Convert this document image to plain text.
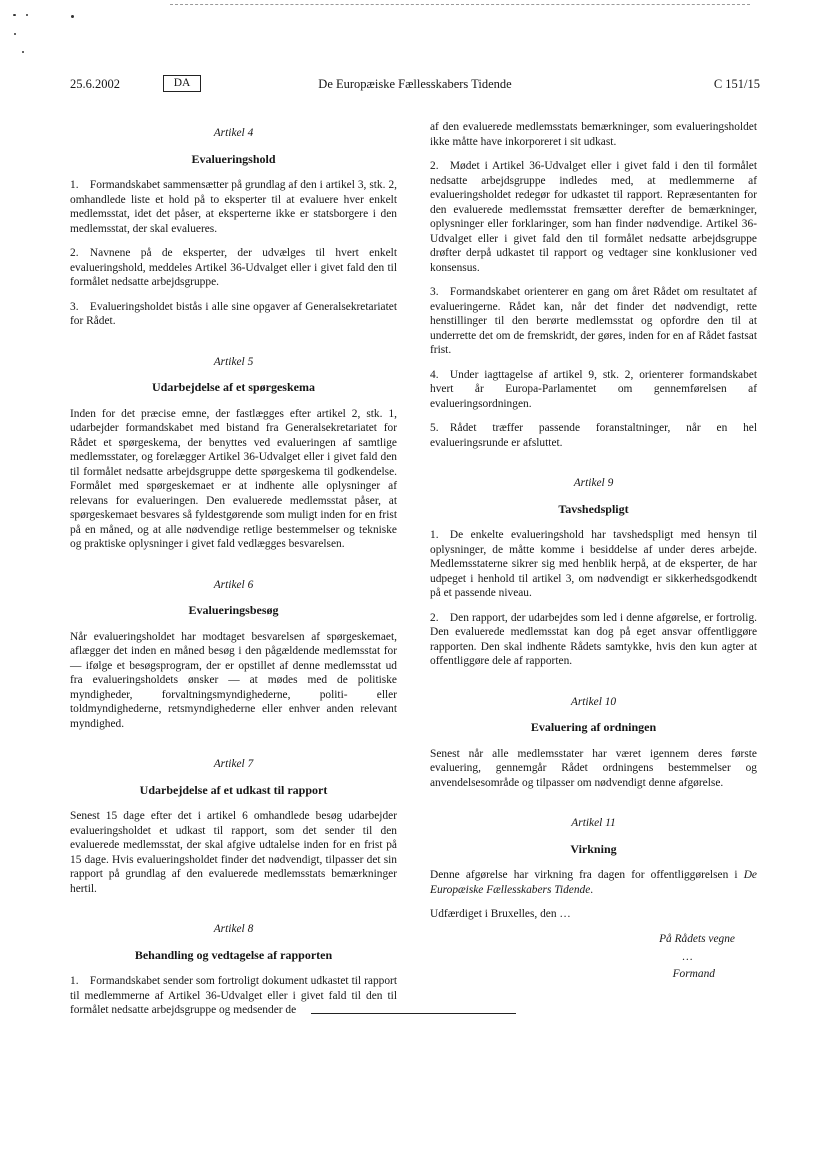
25.6.2002	DA	De Europæiske Fællesskabers Tidende	C 151/15
Artikel 4
Evalueringshold

1. Formandskabet sammensætter på grundlag af den i artikel 3, stk. 2, omhandlede liste et hold på to eksperter til at evaluere hver enkelt medlemsstat, idet det påser, at eksperterne ikke er statsborgere i den medlemsstat, der skal evalueres.

2. Navnene på de eksperter, der udvælges til hvert enkelt evalueringshold, meddeles Artikel 36-Udvalget eller i givet fald den til formålet nedsatte arbejdsgruppe.

3. Evalueringsholdet bistås i alle sine opgaver af Generalsekretariatet for Rådet.

Artikel 5
Udarbejdelse af et spørgeskema

Inden for det præcise emne, der fastlægges efter artikel 2, stk. 1, udarbejder formandskabet med bistand fra Generalsekretariatet for Rådet et spørgeskema, der benyttes ved evalueringen af samtlige medlemsstater, og forelægger Artikel 36-Udvalget eller i givet fald den til formålet nedsatte arbejdsgruppe dette spørgeskema til godkendelse. Formålet med spørgeskemaet er at indhente alle oplysninger af relevans for evalueringen. Den evaluerede medlemsstat påser, at spørgeskemaet besvares så fyldestgørende som muligt inden for en frist på en måned, og at alle nødvendige retlige bestemmelser og tekniske og praktiske oplysninger i givet fald vedlægges besvarelsen.

Artikel 6
Evalueringsbesøg

Når evalueringsholdet har modtaget besvarelsen af spørgeskemaet, aflægger det inden en måned besøg i den pågældende medlemsstat for — ifølge et besøgsprogram, der er opstillet af denne medlemsstat ud fra evalueringsholdets ønsker — at mødes med de politiske myndigheder, forvaltningsmyndighederne, politi- eller toldmyndighederne, retsmyndighederne eller enhver anden relevant myndighed.

Artikel 7
Udarbejdelse af et udkast til rapport

Senest 15 dage efter det i artikel 6 omhandlede besøg udarbejder evalueringsholdet et udkast til rapport, som det sender til den evaluerede medlemsstat, der skal afgive udtalelse inden for en frist på 15 dage. Hvis evalueringsholdet finder det nødvendigt, tilpasser det sin rapport på grundlag af den evaluerede medlemsstats bemærkninger hertil.

Artikel 8
Behandling og vedtagelse af rapporten

1. Formandskabet sender som fortroligt dokument udkastet til rapport til medlemmerne af Artikel 36-Udvalget eller i givet fald til den til formålet nedsatte arbejdsgruppe og medsender de

af den evaluerede medlemsstats bemærkninger, som evalueringsholdet ikke måtte have inkorporeret i sit udkast.

2. Mødet i Artikel 36-Udvalget eller i givet fald i den til formålet nedsatte arbejdsgruppe indledes med, at medlemmerne af evalueringsholdet redegør for udkastet til rapport. Repræsentanten for den evaluerede medlemsstat fremsætter derefter de bemærkninger, oplysninger eller forklaringer, som han finder nødvendige. Artikel 36-Udvalget eller i givet fald den til formålet nedsatte arbejdsgruppe drøfter derpå udkastet til rapport og vedtager sine konklusioner ved konsensus.

3. Formandskabet orienterer en gang om året Rådet om resultatet af evalueringerne. Rådet kan, når det finder det nødvendigt, rette henstillinger til den berørte medlemsstat og opfordre den til at underrette det om de fremskridt, der gøres, inden for en af Rådet fastsat frist.

4. Under iagttagelse af artikel 9, stk. 2, orienterer formandskabet hvert år Europa-Parlamentet om gennemførelsen af evalueringsordningen.

5. Rådet træffer passende foranstaltninger, når en hel evalueringsrunde er afsluttet.

Artikel 9
Tavshedspligt

1. De enkelte evalueringshold har tavshedspligt med hensyn til oplysninger, de måtte komme i besiddelse af under deres arbejde. Medlemsstaterne sikrer sig med henblik herpå, at de eksperter, de har udpeget i henhold til artikel 3, om nødvendigt er sikkerhedsgodkendt på et passende niveau.

2. Den rapport, der udarbejdes som led i denne afgørelse, er fortrolig. Den evaluerede medlemsstat kan dog på eget ansvar offentliggøre rapporten. Den skal indhente Rådets samtykke, hvis den kun agter at offentliggøre dele af rapporten.

Artikel 10
Evaluering af ordningen

Senest når alle medlemsstater har været igennem deres første evaluering, gennemgår Rådet ordningens bestemmelser og anvendelsesområde og tilpasser om nødvendigt denne afgørelse.

Artikel 11
Virkning

Denne afgørelse har virkning fra dagen for offentliggørelsen i De Europæiske Fællesskabers Tidende.

Udfærdiget i Bruxelles, den …

På Rådets vegne
…
Formand
